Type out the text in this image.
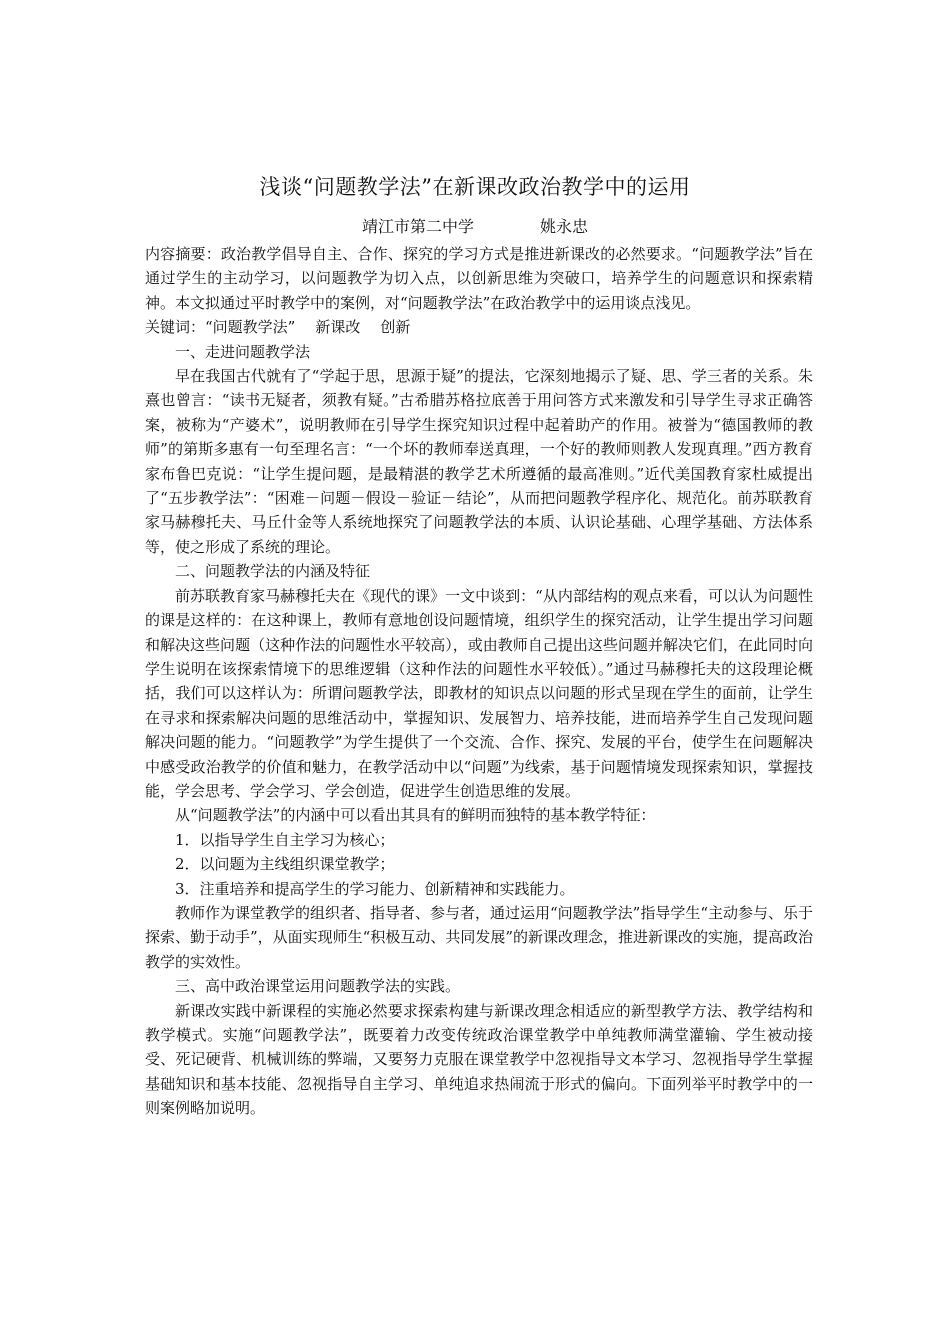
浅谈“问题教学法”在新课改政治教学中的运用
靖江市第二中学	姚永忠

内容摘要：政治教学倡导自主、合作、探究的学习方式是推进新课改的必然要求。“问题教学法”旨在通过学生的主动学习，以问题教学为切入点，以创新思维为突破口，培养学生的问题意识和探索精神。本文拟通过平时教学中的案例，对“问题教学法”在政治教学中的运用谈点浅见。

关键词：“问题教学法” 新课改 创新

一、走进问题教学法

早在我国古代就有了“学起于思，思源于疑”的提法，它深刻地揭示了疑、思、学三者的关系。朱熹也曾言：“读书无疑者，须教有疑。”古希腊苏格拉底善于用问答方式来激发和引导学生寻求正确答案，被称为“产婆术”，说明教师在引导学生探究知识过程中起着助产的作用。被誉为“德国教师的教师”的第斯多惠有一句至理名言：“一个坏的教师奉送真理，一个好的教师则教人发现真理。”西方教育家布鲁巴克说：“让学生提问题，是最精湛的教学艺术所遵循的最高准则。”近代美国教育家杜威提出了“五步教学法”：“困难－问题－假设－验证－结论”，从而把问题教学程序化、规范化。前苏联教育家马赫穆托夫、马丘什金等人系统地探究了问题教学法的本质、认识论基础、心理学基础、方法体系等，使之形成了系统的理论。

二、问题教学法的内涵及特征

前苏联教育家马赫穆托夫在《现代的课》一文中谈到：“从内部结构的观点来看，可以认为问题性的课是这样的：在这种课上，教师有意地创设问题情境，组织学生的探究活动，让学生提出学习问题和解决这些问题（这种作法的问题性水平较高），或由教师自己提出这些问题并解决它们，在此同时向学生说明在该探索情境下的思维逻辑（这种作法的问题性水平较低）。”通过马赫穆托夫的这段理论概括，我们可以这样认为：所谓问题教学法，即教材的知识点以问题的形式呈现在学生的面前，让学生在寻求和探索解决问题的思维活动中，掌握知识、发展智力、培养技能，进而培养学生自己发现问题解决问题的能力。“问题教学”为学生提供了一个交流、合作、探究、发展的平台，使学生在问题解决中感受政治教学的价值和魅力，在教学活动中以“问题”为线索，基于问题情境发现探索知识，掌握技能，学会思考、学会学习、学会创造，促进学生创造思维的发展。

从“问题教学法”的内涵中可以看出其具有的鲜明而独特的基本教学特征：

1．以指导学生自主学习为核心；

2．以问题为主线组织课堂教学；

3．注重培养和提高学生的学习能力、创新精神和实践能力。

教师作为课堂教学的组织者、指导者、参与者，通过运用“问题教学法”指导学生“主动参与、乐于探索、勤于动手”，从面实现师生“积极互动、共同发展”的新课改理念，推进新课改的实施，提高政治教学的实效性。

三、高中政治课堂运用问题教学法的实践。

新课改实践中新课程的实施必然要求探索构建与新课改理念相适应的新型教学方法、教学结构和教学模式。实施“问题教学法”，既要着力改变传统政治课堂教学中单纯教师满堂灌输、学生被动接受、死记硬背、机械训练的弊端，又要努力克服在课堂教学中忽视指导文本学习、忽视指导学生掌握基础知识和基本技能、忽视指导自主学习、单纯追求热闹流于形式的偏向。下面列举平时教学中的一则案例略加说明。
